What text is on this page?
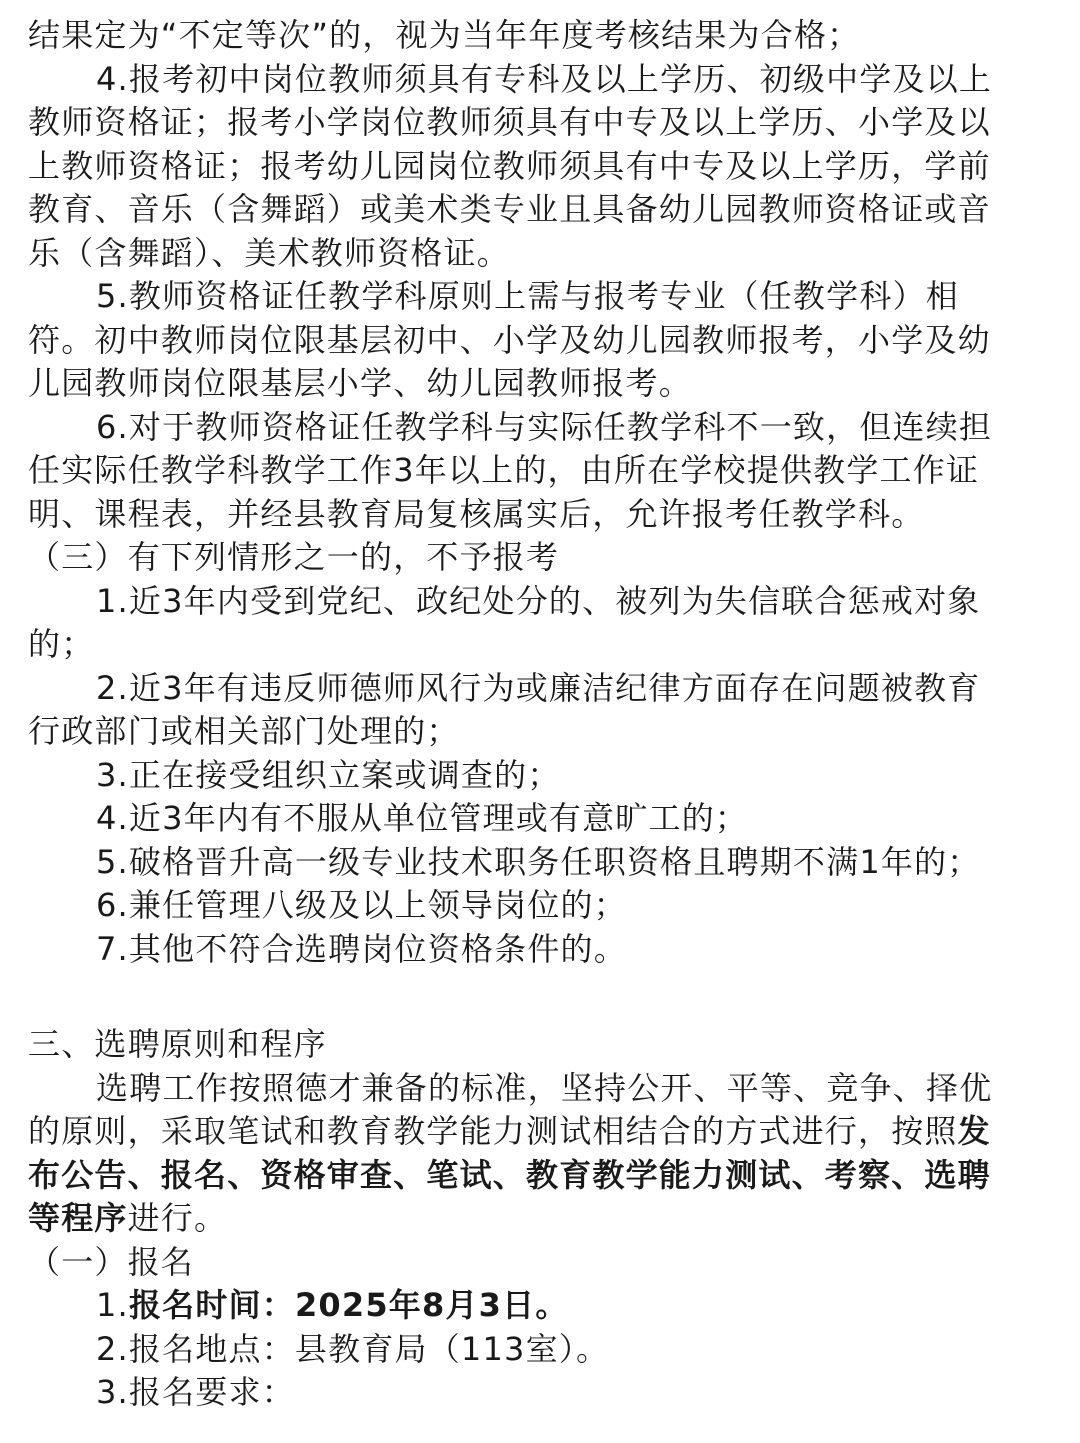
结果定为“不定等次”的，视为当年年度考核结果为合格；
4.报考初中岗位教师须具有专科及以上学历、初级中学及以上
教师资格证；报考小学岗位教师须具有中专及以上学历、小学及以
上教师资格证；报考幼儿园岗位教师须具有中专及以上学历，学前
教育、音乐（含舞蹈）或美术类专业且具备幼儿园教师资格证或音
乐（含舞蹈）、美术教师资格证。
5.教师资格证任教学科原则上需与报考专业（任教学科）相
符。初中教师岗位限基层初中、小学及幼儿园教师报考，小学及幼
儿园教师岗位限基层小学、幼儿园教师报考。
6.对于教师资格证任教学科与实际任教学科不一致，但连续担
任实际任教学科教学工作3年以上的，由所在学校提供教学工作证
明、课程表，并经县教育局复核属实后，允许报考任教学科。
（三）有下列情形之一的，不予报考
1.近3年内受到党纪、政纪处分的、被列为失信联合惩戒对象
的；
2.近3年有违反师德师风行为或廉洁纪律方面存在问题被教育
行政部门或相关部门处理的；
3.正在接受组织立案或调查的；
4.近3年内有不服从单位管理或有意旷工的；
5.破格晋升高一级专业技术职务任职资格且聘期不满1年的；
6.兼任管理八级及以上领导岗位的；
7.其他不符合选聘岗位资格条件的。
三、选聘原则和程序
选聘工作按照德才兼备的标准，坚持公开、平等、竞争、择优
的原则，采取笔试和教育教学能力测试相结合的方式进行，按照发
布公告、报名、资格审查、笔试、教育教学能力测试、考察、选聘
等程序进行。
（一）报名
1.报名时间：2025年8月3日。
2.报名地点：县教育局（113室）。
3.报名要求：
